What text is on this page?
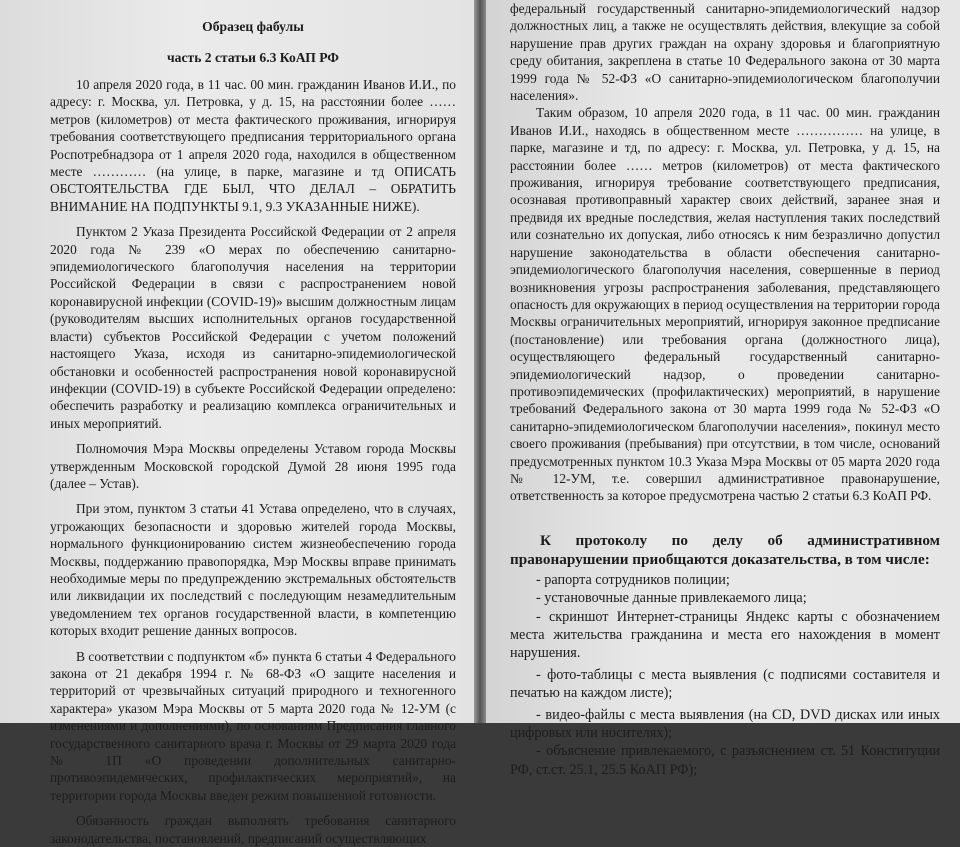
Образец фабулы
часть 2 статьи 6.3 КоАП РФ

10 апреля 2020 года, в 11 час. 00 мин. гражданин Иванов И.И., по адресу: г. Москва, ул. Петровка, у д. 15, на расстоянии более …… метров (километров) от места фактического проживания, игнорируя требования соответствующего предписания территориального органа Роспотребнадзора от 1 апреля 2020 года, находился в общественном месте ………… (на улице, в парке, магазине и тд ОПИСАТЬ ОБСТОЯТЕЛЬСТВА ГДЕ БЫЛ, ЧТО ДЕЛАЛ – ОБРАТИТЬ ВНИМАНИЕ НА ПОДПУНКТЫ 9.1, 9.3 УКАЗАННЫЕ НИЖЕ).

Пунктом 2 Указа Президента Российской Федерации от 2 апреля 2020 года № 239 «О мерах по обеспечению санитарно-эпидемиологического благополучия населения на территории Российской Федерации в связи с распространением новой коронавирусной инфекции (COVID-19)» высшим должностным лицам (руководителям высших исполнительных органов государственной власти) субъектов Российской Федерации с учетом положений настоящего Указа, исходя из санитарно-эпидемиологической обстановки и особенностей распространения новой коронавирусной инфекции (COVID-19) в субъекте Российской Федерации определено: обеспечить разработку и реализацию комплекса ограничительных и иных мероприятий.

Полномочия Мэра Москвы определены Уставом города Москвы утвержденным Московской городской Думой 28 июня 1995 года (далее – Устав).

При этом, пунктом 3 статьи 41 Устава определено, что в случаях, угрожающих безопасности и здоровью жителей города Москвы, нормального функционированию систем жизнеобеспечению города Москвы, поддержанию правопорядка, Мэр Москвы вправе принимать необходимые меры по предупреждению экстремальных обстоятельств или ликвидации их последствий с последующим незамедлительным уведомлением тех органов государственной власти, в компетенцию которых входит решение данных вопросов.

В соответствии с подпунктом «б» пункта 6 статьи 4 Федерального закона от 21 декабря 1994 г. № 68-ФЗ «О защите населения и территорий от чрезвычайных ситуаций природного и техногенного характера» указом Мэра Москвы от 5 марта 2020 года № 12-УМ (с изменениями и дополнениями), по основаниям Предписания главного государственного санитарного врача г. Москвы от 29 марта 2020 года № 1П «О проведении дополнительных санитарно-противоэпидемических, профилактических мероприятий», на территории города Москвы введен режим повышенной готовности.

Обязанность граждан выполнять требования санитарного законодательства, постановлений, предписаний осуществляющих

федеральный государственный санитарно-эпидемиологический надзор должностных лиц, а также не осуществлять действия, влекущие за собой нарушение прав других граждан на охрану здоровья и благоприятную среду обитания, закреплена в статье 10 Федерального закона от 30 марта 1999 года № 52-ФЗ «О санитарно-эпидемиологическом благополучии населения».

Таким образом, 10 апреля 2020 года, в 11 час. 00 мин. гражданин Иванов И.И., находясь в общественном месте …………… на улице, в парке, магазине и тд, по адресу: г. Москва, ул. Петровка, у д. 15, на расстоянии более …… метров (километров) от места фактического проживания, игнорируя требование соответствующего предписания, осознавая противоправный характер своих действий, заранее зная и предвидя их вредные последствия, желая наступления таких последствий или сознательно их допуская, либо относясь к ним безразлично допустил нарушение законодательства в области обеспечения санитарно-эпидемиологического благополучия населения, совершенные в период возникновения угрозы распространения заболевания, представляющего опасность для окружающих в период осуществления на территории города Москвы ограничительных мероприятий, игнорируя законное предписание (постановление) или требования органа (должностного лица), осуществляющего федеральный государственный санитарно-эпидемиологический надзор, о проведении санитарно-противоэпидемических (профилактических) мероприятий, в нарушение требований Федерального закона от 30 марта 1999 года № 52-ФЗ «О санитарно-эпидемиологическом благополучии населения», покинул место своего проживания (пребывания) при отсутствии, в том числе, оснований предусмотренных пунктом 10.3 Указа Мэра Москвы от 05 марта 2020 года № 12-УМ, т.е. совершил административное правонарушение, ответственность за которое предусмотрена частью 2 статьи 6.3 КоАП РФ.

К протоколу по делу об административном правонарушении приобщаются доказательства, в том числе:
- рапорта сотрудников полиции;
- установочные данные привлекаемого лица;
- скриншот Интернет-страницы Яндекс карты с обозначением места жительства гражданина и места его нахождения в момент нарушения.
- фото-таблицы с места выявления (с подписями составителя и печатью на каждом листе);
- видео-файлы с места выявления (на CD, DVD дисках или иных цифровых или носителях);
- объяснение привлекаемого, с разъяснением ст. 51 Конституции РФ, ст.ст. 25.1, 25.5 КоАП РФ);
